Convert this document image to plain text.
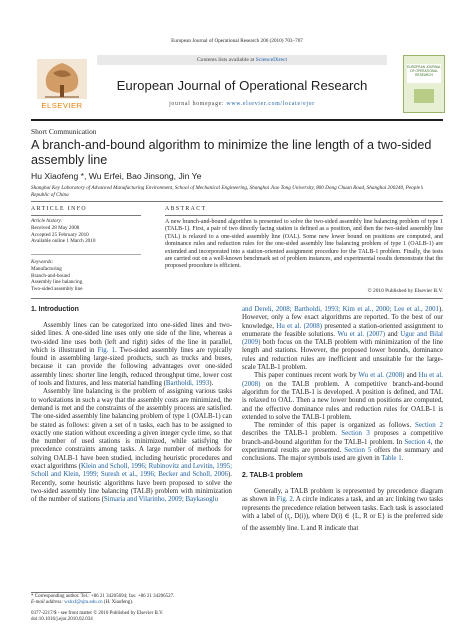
European Journal of Operational Research 206 (2010) 703–707
ELSEVIER
Contents lists available at ScienceDirect
European Journal of Operational Research
journal homepage: www.elsevier.com/locate/ejor
EUROPEAN JOURNAL OF OPERATIONAL RESEARCH
Short Communication
A branch-and-bound algorithm to minimize the line length of a two-sided assembly line
Hu Xiaofeng *, Wu Erfei, Bao Jinsong, Jin Ye
Shanghai Key Laboratory of Advanced Manufacturing Environment, School of Mechanical Engineering, Shanghai Jiao Tong University, 800 Dong Chuan Road, Shanghai 200240, People’s Republic of China
ARTICLE INFO
Article history:
Received 28 May 2008
Accepted 25 February 2010
Available online 1 March 2010
Keywords:
Manufacturing
Branch-and-bound
Assembly line balancing
Two-sided assembly line
ABSTRACT
A new branch-and-bound algorithm is presented to solve the two-sided assembly line balancing problem of type 1 (TALB-1). First, a pair of two directly facing station is defined as a position, and then the two-sided assembly line (TAL) is relaxed to a one-sided assembly line (OAL). Some new lower bound on positions are computed, and dominance rules and reduction rules for the one-sided assembly line balancing problem of type 1 (OALB-1) are extended and incorporated into a station-oriented assignment procedure for the TALB-1 problem. Finally, the tests are carried out on a well-known benchmark set of problem instances, and experimental results demonstrate that the proposed procedure is efficient.
© 2010 Published by Elsevier B.V.
1. Introduction

Assembly lines can be categorized into one-sided lines and two-sided lines. A one-sided line uses only one side of the line, whereas a two-sided line uses both (left and right) sides of the line in parallel, which is illustrated in Fig. 1. Two-sided assembly lines are typically found in assembling large-sized products, such as trucks and buses, because it can provide the following advantages over one-sided assembly lines: shorter line length, reduced throughput time, lower cost of tools and fixtures, and less material handling (Bartholdi, 1993).

Assembly line balancing is the problem of assigning various tasks to workstations in such a way that the assembly costs are minimized, the demand is met and the constraints of the assembly process are satisfied. The one-sided assembly line balancing problem of type 1 (OALB-1) can be stated as follows: given a set of n tasks, each has to be assigned to exactly one station without exceeding a given integer cycle time, so that the number of used stations is minimized, while satisfying the precedence constraints among tasks. A large number of methods for solving OALB-1 have been studied, including heuristic procedures and exact algorithms (Klein and Scholl, 1996; Rubinovitz and Levitin, 1995; Scholl and Klein, 1999; Suresh et al., 1996; Becker and Scholl, 2006). Recently, some heuristic algorithms have been proposed to solve the two-sided assembly line balancing (TALB) problem with minimization of the number of stations (Simaria and Vilarinho, 2009; Baykasoglu

and Dereli, 2008; Bartholdi, 1993; Kim et al., 2000; Lee et al., 2001). However, only a few exact algorithms are reported. To the best of our knowledge, Hu et al. (2008) presented a station-oriented assignment to enumerate the feasible solutions. Wu et al. (2007) and Ugur and Bilal (2009) both focus on the TALB problem with minimization of the line length and stations. However, the proposed lower bounds, dominance rules and reduction rules are inefficient and unsuitable for the large-scale TALB-1 problem.

This paper continues recent work by Wu et al. (2008) and Hu et al. (2008) on the TALB problem. A competitive branch-and-bound algorithm for the TALB-1 is developed. A position is defined, and TAL is relaxed to OAL. Then a new lower bound on positions are computed, and the effective dominance rules and reduction rules for OALB-1 is extended to solve the TALB-1 problem.

The reminder of this paper is organized as follows. Section 2 describes the TALB-1 problem. Section 3 proposes a competitive branch-and-bound algorithm for the TALB-1 problem. In Section 4, the experimental results are presented. Section 5 offers the summary and conclusions. The major symbols used are given in Table 1.

2. TALB-1 problem

Generally, a TALB problem is represented by precedence diagram as shown in Fig. 2. A circle indicates a task, and an arc linking two tasks represents the precedence relation between tasks. Each task is associated with a label of ($t_i$, D(i)), where D(i) ∈ {L, R or E} is the preferred side of the assembly line. L and R indicate that

* Corresponding author. Tel.: +86 21 34205694; fax: +86 21 34206527.
E-mail address: wshxf@sjtu.edu.cn (H. Xiaofeng).
0377-2217/$ - see front matter © 2010 Published by Elsevier B.V.
doi:10.1016/j.ejor.2010.02.034
